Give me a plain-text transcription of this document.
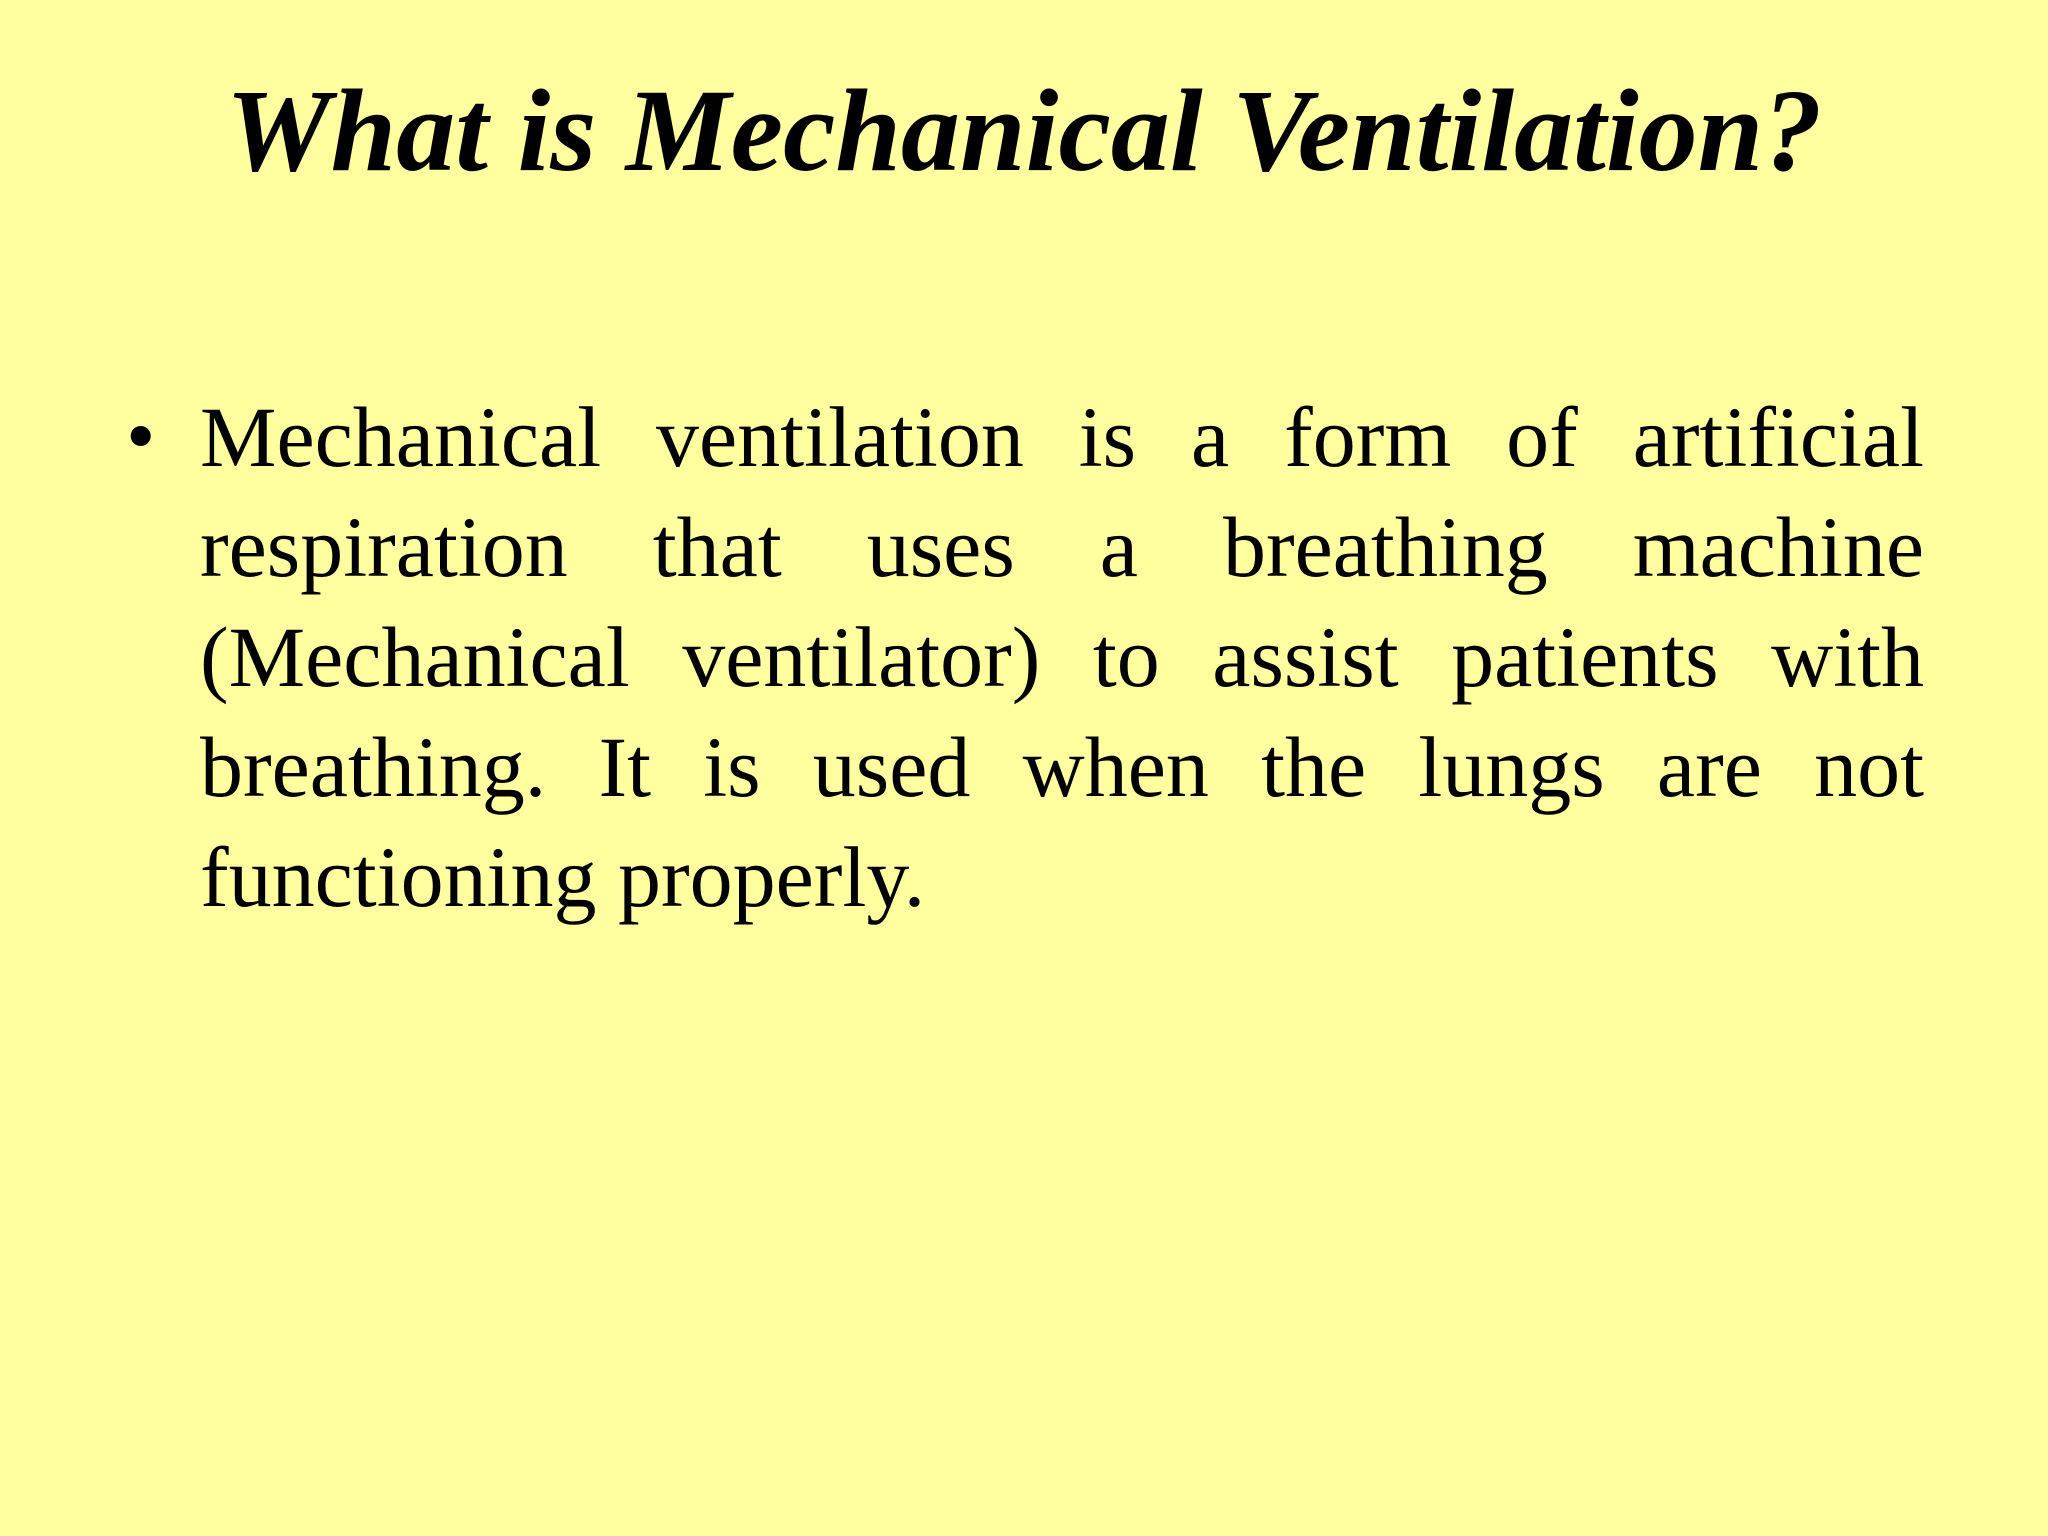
What is Mechanical Ventilation?
• Mechanical ventilation is a form of artificial respiration that uses a breathing machine (Mechanical ventilator) to assist patients with breathing. It is used when the lungs are not functioning properly.
